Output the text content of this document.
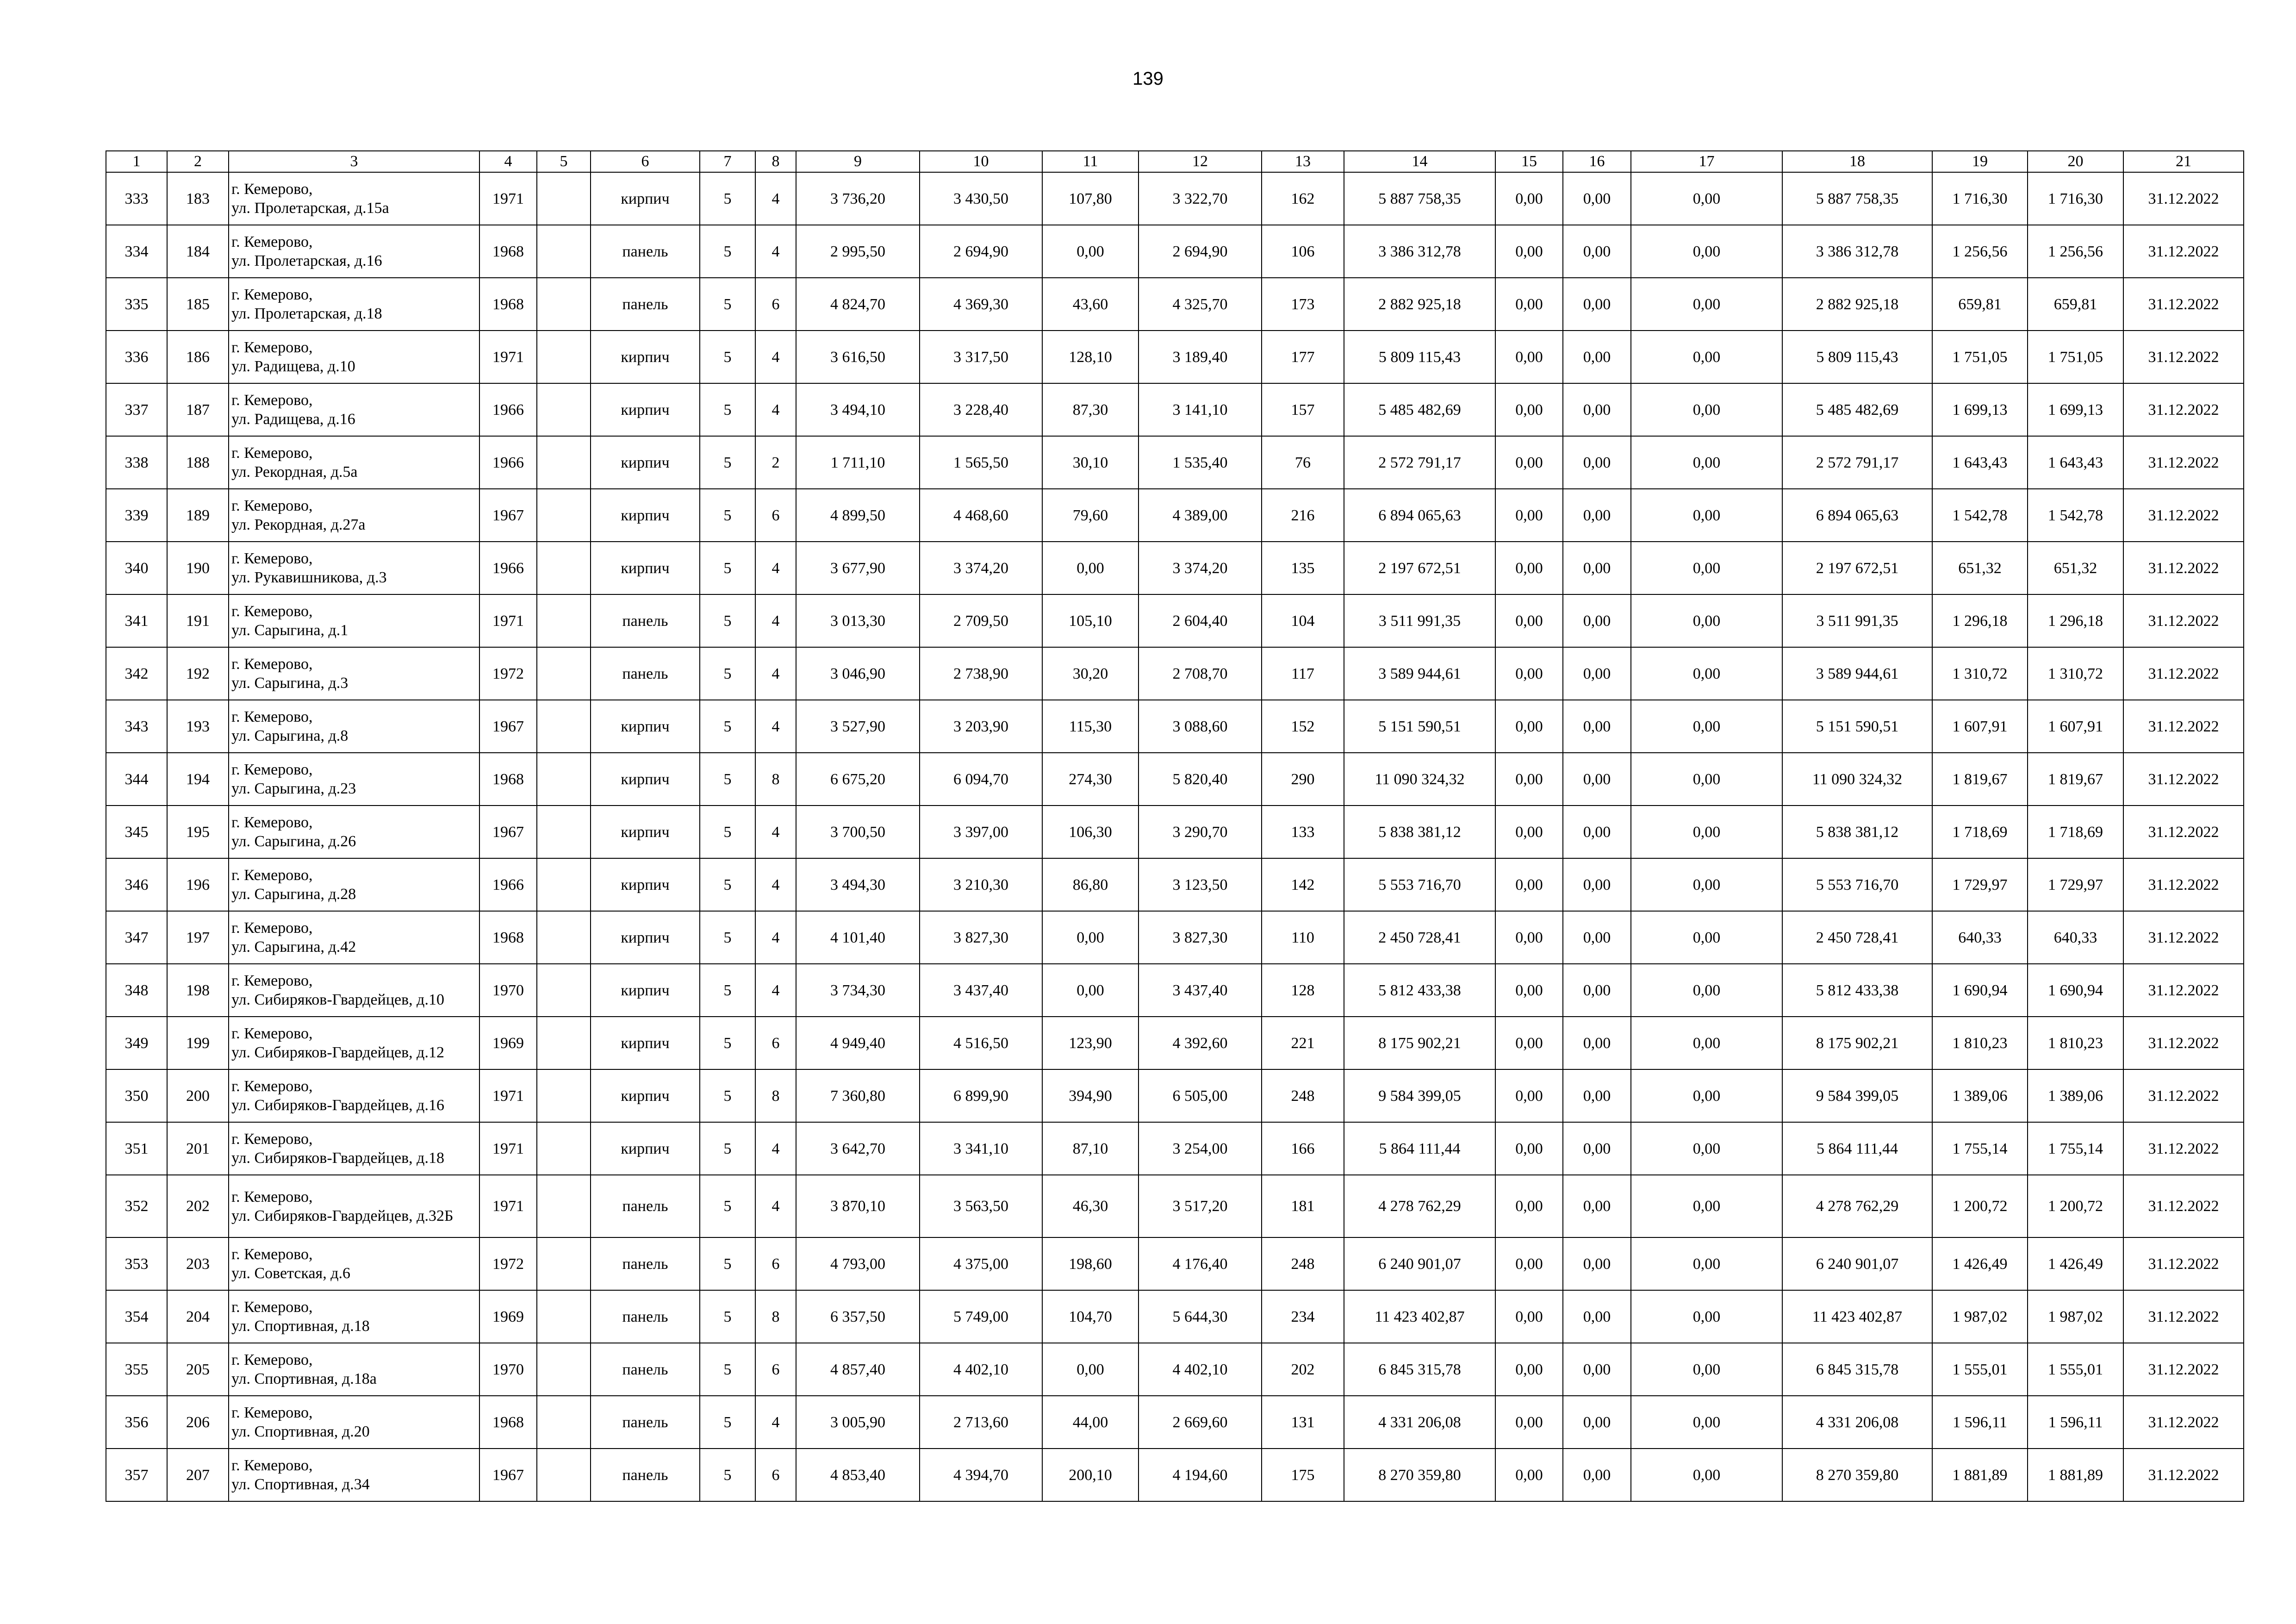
139
1	2	3	4	5	6	7	8	9	10	11	12	13	14	15	16	17	18	19	20	21
333	183	г. Кемерово,
ул. Пролетарская, д.15а	1971		кирпич	5	4	3 736,20	3 430,50	107,80	3 322,70	162	5 887 758,35	0,00	0,00	0,00	5 887 758,35	1 716,30	1 716,30	31.12.2022
334	184	г. Кемерово,
ул. Пролетарская, д.16	1968		панель	5	4	2 995,50	2 694,90	0,00	2 694,90	106	3 386 312,78	0,00	0,00	0,00	3 386 312,78	1 256,56	1 256,56	31.12.2022
335	185	г. Кемерово,
ул. Пролетарская, д.18	1968		панель	5	6	4 824,70	4 369,30	43,60	4 325,70	173	2 882 925,18	0,00	0,00	0,00	2 882 925,18	659,81	659,81	31.12.2022
336	186	г. Кемерово,
ул. Радищева, д.10	1971		кирпич	5	4	3 616,50	3 317,50	128,10	3 189,40	177	5 809 115,43	0,00	0,00	0,00	5 809 115,43	1 751,05	1 751,05	31.12.2022
337	187	г. Кемерово,
ул. Радищева, д.16	1966		кирпич	5	4	3 494,10	3 228,40	87,30	3 141,10	157	5 485 482,69	0,00	0,00	0,00	5 485 482,69	1 699,13	1 699,13	31.12.2022
338	188	г. Кемерово,
ул. Рекордная, д.5а	1966		кирпич	5	2	1 711,10	1 565,50	30,10	1 535,40	76	2 572 791,17	0,00	0,00	0,00	2 572 791,17	1 643,43	1 643,43	31.12.2022
339	189	г. Кемерово,
ул. Рекордная, д.27а	1967		кирпич	5	6	4 899,50	4 468,60	79,60	4 389,00	216	6 894 065,63	0,00	0,00	0,00	6 894 065,63	1 542,78	1 542,78	31.12.2022
340	190	г. Кемерово,
ул. Рукавишникова, д.3	1966		кирпич	5	4	3 677,90	3 374,20	0,00	3 374,20	135	2 197 672,51	0,00	0,00	0,00	2 197 672,51	651,32	651,32	31.12.2022
341	191	г. Кемерово,
ул. Сарыгина, д.1	1971		панель	5	4	3 013,30	2 709,50	105,10	2 604,40	104	3 511 991,35	0,00	0,00	0,00	3 511 991,35	1 296,18	1 296,18	31.12.2022
342	192	г. Кемерово,
ул. Сарыгина, д.3	1972		панель	5	4	3 046,90	2 738,90	30,20	2 708,70	117	3 589 944,61	0,00	0,00	0,00	3 589 944,61	1 310,72	1 310,72	31.12.2022
343	193	г. Кемерово,
ул. Сарыгина, д.8	1967		кирпич	5	4	3 527,90	3 203,90	115,30	3 088,60	152	5 151 590,51	0,00	0,00	0,00	5 151 590,51	1 607,91	1 607,91	31.12.2022
344	194	г. Кемерово,
ул. Сарыгина, д.23	1968		кирпич	5	8	6 675,20	6 094,70	274,30	5 820,40	290	11 090 324,32	0,00	0,00	0,00	11 090 324,32	1 819,67	1 819,67	31.12.2022
345	195	г. Кемерово,
ул. Сарыгина, д.26	1967		кирпич	5	4	3 700,50	3 397,00	106,30	3 290,70	133	5 838 381,12	0,00	0,00	0,00	5 838 381,12	1 718,69	1 718,69	31.12.2022
346	196	г. Кемерово,
ул. Сарыгина, д.28	1966		кирпич	5	4	3 494,30	3 210,30	86,80	3 123,50	142	5 553 716,70	0,00	0,00	0,00	5 553 716,70	1 729,97	1 729,97	31.12.2022
347	197	г. Кемерово,
ул. Сарыгина, д.42	1968		кирпич	5	4	4 101,40	3 827,30	0,00	3 827,30	110	2 450 728,41	0,00	0,00	0,00	2 450 728,41	640,33	640,33	31.12.2022
348	198	г. Кемерово,
ул. Сибиряков-Гвардейцев, д.10	1970		кирпич	5	4	3 734,30	3 437,40	0,00	3 437,40	128	5 812 433,38	0,00	0,00	0,00	5 812 433,38	1 690,94	1 690,94	31.12.2022
349	199	г. Кемерово,
ул. Сибиряков-Гвардейцев, д.12	1969		кирпич	5	6	4 949,40	4 516,50	123,90	4 392,60	221	8 175 902,21	0,00	0,00	0,00	8 175 902,21	1 810,23	1 810,23	31.12.2022
350	200	г. Кемерово,
ул. Сибиряков-Гвардейцев, д.16	1971		кирпич	5	8	7 360,80	6 899,90	394,90	6 505,00	248	9 584 399,05	0,00	0,00	0,00	9 584 399,05	1 389,06	1 389,06	31.12.2022
351	201	г. Кемерово,
ул. Сибиряков-Гвардейцев, д.18	1971		кирпич	5	4	3 642,70	3 341,10	87,10	3 254,00	166	5 864 111,44	0,00	0,00	0,00	5 864 111,44	1 755,14	1 755,14	31.12.2022
352	202	г. Кемерово,
ул. Сибиряков-Гвардейцев, д.32Б	1971		панель	5	4	3 870,10	3 563,50	46,30	3 517,20	181	4 278 762,29	0,00	0,00	0,00	4 278 762,29	1 200,72	1 200,72	31.12.2022
353	203	г. Кемерово,
ул. Советская, д.6	1972		панель	5	6	4 793,00	4 375,00	198,60	4 176,40	248	6 240 901,07	0,00	0,00	0,00	6 240 901,07	1 426,49	1 426,49	31.12.2022
354	204	г. Кемерово,
ул. Спортивная, д.18	1969		панель	5	8	6 357,50	5 749,00	104,70	5 644,30	234	11 423 402,87	0,00	0,00	0,00	11 423 402,87	1 987,02	1 987,02	31.12.2022
355	205	г. Кемерово,
ул. Спортивная, д.18а	1970		панель	5	6	4 857,40	4 402,10	0,00	4 402,10	202	6 845 315,78	0,00	0,00	0,00	6 845 315,78	1 555,01	1 555,01	31.12.2022
356	206	г. Кемерово,
ул. Спортивная, д.20	1968		панель	5	4	3 005,90	2 713,60	44,00	2 669,60	131	4 331 206,08	0,00	0,00	0,00	4 331 206,08	1 596,11	1 596,11	31.12.2022
357	207	г. Кемерово,
ул. Спортивная, д.34	1967		панель	5	6	4 853,40	4 394,70	200,10	4 194,60	175	8 270 359,80	0,00	0,00	0,00	8 270 359,80	1 881,89	1 881,89	31.12.2022
